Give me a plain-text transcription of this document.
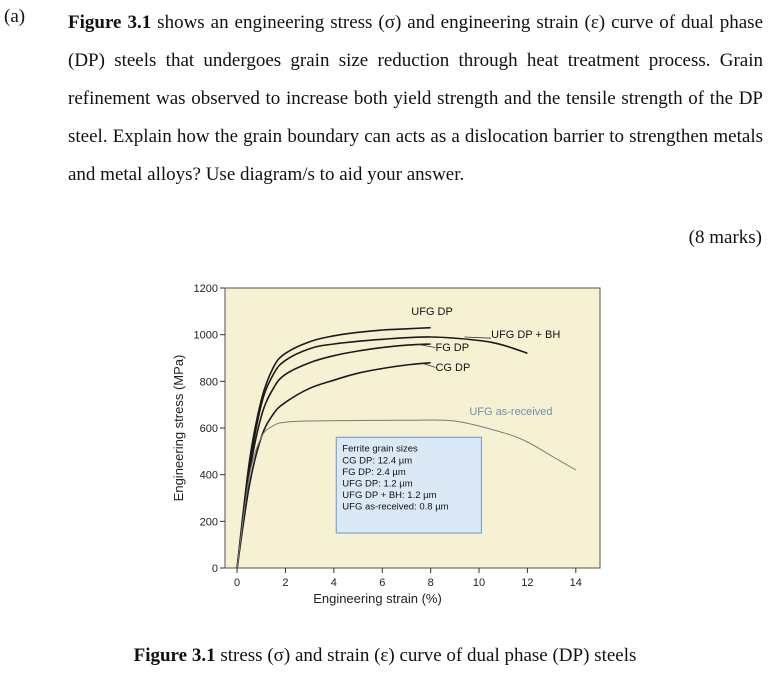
(a) Figure 3.1 shows an engineering stress (σ) and engineering strain (ε) curve of dual phase (DP) steels that undergoes grain size reduction through heat treatment process. Grain refinement was observed to increase both yield strength and the tensile strength of the DP steel. Explain how the grain boundary can acts as a dislocation barrier to strengthen metals and metal alloys? Use diagram/s to aid your answer.

(8 marks)
0
200
400
600
800
1000
1200
0	2	4	6	8	10	12	14
Engineering strain (%)
Engineering stress (MPa)
UFG DP
UFG DP + BH
FG DP
CG DP
UFG as-received
Ferrite grain sizes
CG DP: 12.4 µm
FG DP: 2.4 µm
UFG DP: 1.2 µm
UFG DP + BH: 1.2 µm
UFG as-received: 0.8 µm
Figure 3.1 stress (σ) and strain (ε) curve of dual phase (DP) steels
